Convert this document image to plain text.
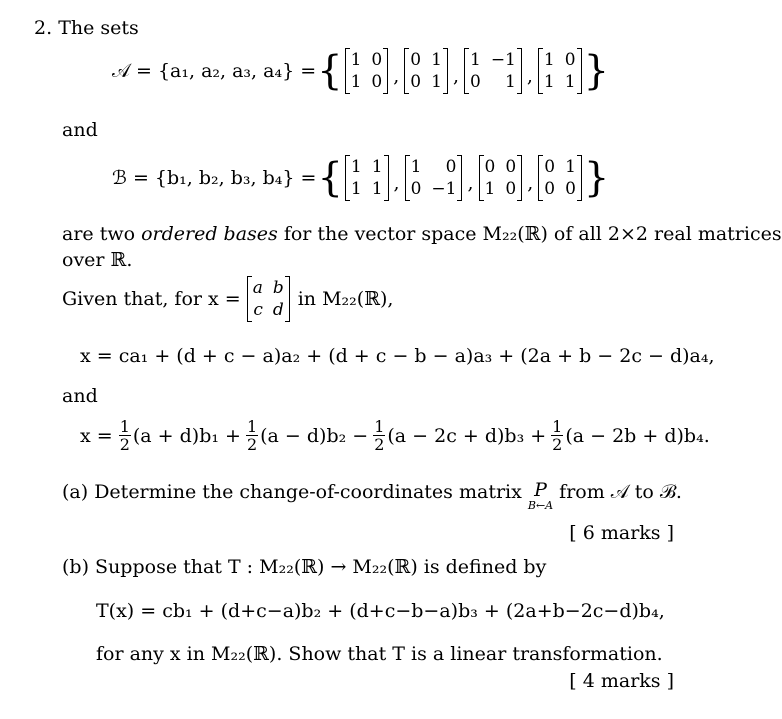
2. The sets
𝒜 = {a₁, a₂, a₃, a₄} = { 1 0
1 0 ,
0 1
0 1 ,
1 −1
0	1 ,
1 0
1 1 }
and
ℬ = {b₁, b₂, b₃, b₄} = { 1 1
1 1 ,
1	0
0 −1 ,
0 0
1 0 ,
0 1
0 0 }
are two ordered bases for the vector space M₂₂(ℝ) of all 2×2 real matrices
over ℝ.
Given that, for x = a b
c d in M₂₂(ℝ),
x = ca₁ + (d + c − a)a₂ + (d + c − b − a)a₃ + (2a + b − 2c − d)a₄,
and
$x = \frac{1}{2} (a + d)b_1 + \frac{1}{2} (a - d)b_2 - \frac{1}{2} (a - 2c + d)b_3 + \frac{1}{2} (a - 2b + d)b_4$.
(a) Determine the change-of-coordinates matrix P
B←A
from 𝒜 to ℬ.
[ 6 marks ]
(b) Suppose that T : M₂₂(ℝ) → M₂₂(ℝ) is defined by
T(x) = cb₁ + (d+c−a)b₂ + (d+c−b−a)b₃ + (2a+b−2c−d)b₄,
for any x in M₂₂(ℝ). Show that T is a linear transformation.
[ 4 marks ]
